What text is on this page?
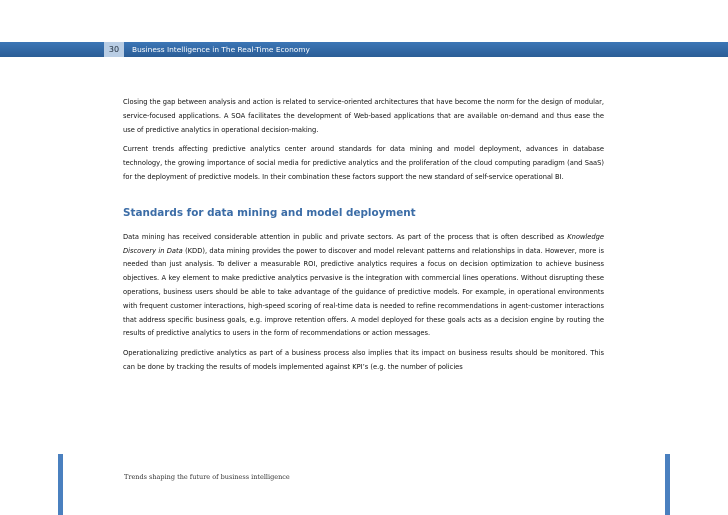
30	Business Intelligence in The Real-Time Economy

Closing the gap between analysis and action is related to service-oriented architectures that have become the norm for the design of modular, service-focused applications. A SOA facilitates the development of Web-based applications that are available on-demand and thus ease the use of predictive analytics in operational decision-making.

Current trends affecting predictive analytics center around standards for data mining and model deployment, advances in database technology, the growing importance of social media for predictive analytics and the proliferation of the cloud computing paradigm (and SaaS) for the deployment of predictive models. In their combination these factors support the new standard of self-service operational BI.

Standards for data mining and model deployment

Data mining has received considerable attention in public and private sectors. As part of the process that is often described as Knowledge Discovery in Data (KDD), data mining provides the power to discover and model relevant patterns and relationships in data. However, more is needed than just analysis. To deliver a measurable ROI, predictive analytics requires a focus on decision optimization to achieve business objectives. A key element to make predictive analytics pervasive is the integration with commercial lines operations. Without disrupting these operations, business users should be able to take advantage of the guidance of predictive models. For example, in operational environments with frequent customer interactions, high-speed scoring of real-time data is needed to refine recommendations in agent-customer interactions that address specific business goals, e.g. improve retention offers. A model deployed for these goals acts as a decision engine by routing the results of predictive analytics to users in the form of recommendations or action messages.

Operationalizing predictive analytics as part of a business process also implies that its impact on business results should be monitored. This can be done by tracking the results of models implemented against KPI’s (e.g. the number of policies

Trends shaping the future of business intelligence
